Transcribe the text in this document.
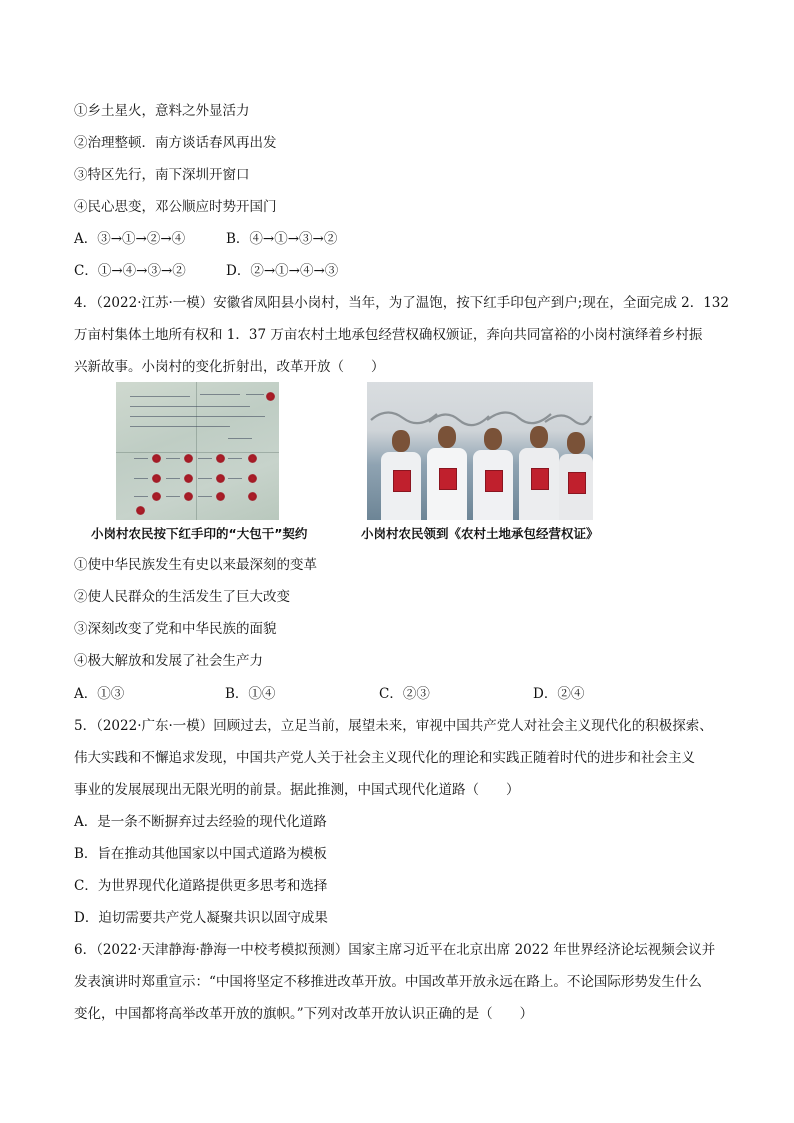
①乡土星火，意料之外显活力
②治理整顿．南方谈话春风再出发
③特区先行，南下深圳开窗口
④民心思变，邓公顺应时势开国门
A．③→①→②→④	B．④→①→③→②
C．①→④→③→②	D．②→①→④→③
4．（2022·江苏·一模）安徽省凤阳县小岗村，当年，为了温饱，按下红手印包产到户;现在，全面完成 2．132
万亩村集体土地所有权和 1．37 万亩农村土地承包经营权确权颁证，奔向共同富裕的小岗村演绎着乡村振
兴新故事。小岗村的变化折射出，改革开放（　　）
小岗村农民按下红手印的“大包干”契约	小岗村农民领到《农村土地承包经营权证》
①使中华民族发生有史以来最深刻的变革
②使人民群众的生活发生了巨大改变
③深刻改变了党和中华民族的面貌
④极大解放和发展了社会生产力
A．①③	B．①④	C．②③	D．②④
5．（2022·广东·一模）回顾过去，立足当前，展望未来，审视中国共产党人对社会主义现代化的积极探索、
伟大实践和不懈追求发现，中国共产党人关于社会主义现代化的理论和实践正随着时代的进步和社会主义
事业的发展展现出无限光明的前景。据此推测，中国式现代化道路（　　）
A．是一条不断摒弃过去经验的现代化道路
B．旨在推动其他国家以中国式道路为模板
C．为世界现代化道路提供更多思考和选择
D．迫切需要共产党人凝聚共识以固守成果
6．（2022·天津静海·静海一中校考模拟预测）国家主席习近平在北京出席 2022 年世界经济论坛视频会议并
发表演讲时郑重宣示：“中国将坚定不移推进改革开放。中国改革开放永远在路上。不论国际形势发生什么
变化，中国都将高举改革开放的旗帜。”下列对改革开放认识正确的是（　　）
